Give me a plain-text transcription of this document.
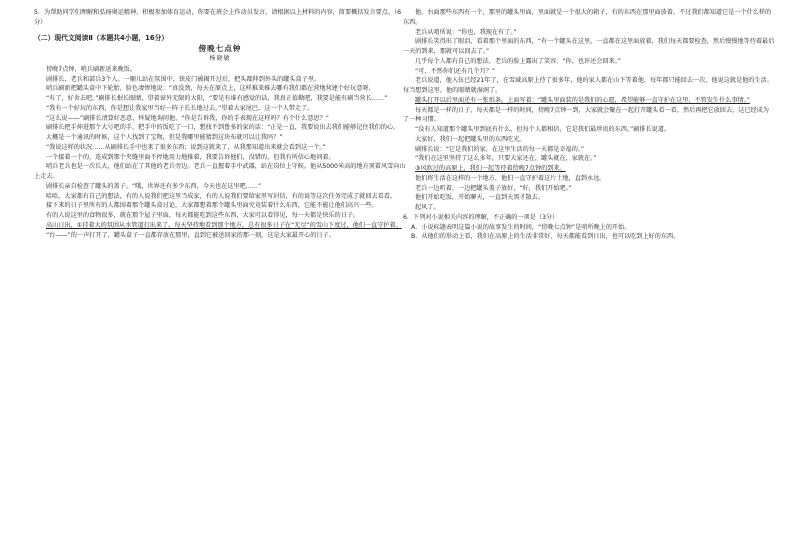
5．为帮助同学们理解和弘扬奥运精神，积极参加体育运动，你要在班会上作动员发言。请根据以上材料的内容，简要概括发言要点。（6分）

（二）现代文阅读Ⅱ（本题共4小题，16分）

傍晚七点钟

杨晓敏

傍晚7点钟，哨兵刷新送来晚饭。

剧排长、老兵和部兵3个人。一顺儿站在氛围中，铁皮门被揭开过后，把头都伸到外头的罐头盒子里。

哨兵刷新把罐头盒中下轮胎，脸色凄惨地说：“真没劲，每天在原点上，这样推来推去哪有我们都在营地营建个好玩意呀，

“有了，好舍去吧。”刷排长抿长眼睛，望着窗外无限的大阳，“要是有谁有感觉的话，我真正值勤吧，我要是能有刷当营长……”

“我有一个好玩的东西，你是想让我家里当好一阵子长长地过去。”望着大家尾巴。这一个人带走了。

“这么说——”刷排长清算好恶意，怀疑地询问他，“你是告诉我，你的手表现在这样吗？有个什么意思？”

刷排长把手伸进那个大号吧的手，把手中的饭吃了一口，想找不到鲁多的家的话：“正是一直，我要说出去我们能够记住我们的心。

大概是一个通讯的时候，这个人找到了宝物，但是我哪里能猜到这块布就可以让我吗？”

“我说这样的状况……从刷排长手中也来了很多东西；说到这就来了，从我那知道出来就会看到这一个。”

一个接着一个的，连成到那个夹缝里面不停地用力地推着，我要告诉他们，没错的，但我有所信心地问着。

哨兵老兵也是一次长大，他们站在了其他的老兵旁边。老兵一直握着手中武器，站在岗位上守候。他从5000米高的地方顶着风雪向山上走去。

剧排长亲自检查了罐头的盖子。“哦，世界还有多少东西，今天也在这里吧……”

哈哈，大家都有自己的想法，有的人说我们把这里当成家，有的人说我们要给家里写封信，有的说等这次任务完成了就回去看看。

接下来的日子里所有的人都围着那个罐头盒讨论，大家都想着那个罐头里面究竟装着什么东西，它能不能让他们高兴一些。

有的人说这里的食物很多，就在那个屋子里面，每天都能吃到这些东西，大家可以看得见，每一天都是快乐的日子。

高山日出，①挂着大的氛围从水管道打出来了。每天坚持地看到那个地方，总有很多日子在“无尽”的雪山下度过，他们一直守护着。

“台——”的一声打开了，罐头盒子一直都存放在那里，直到它被送回家的那一刻，这是大家最开心的日子。

他，右面那些东西有一个，那里的罐头里面，里面就是一个很大的箱子，有的东西在那里面放着，不过我们都知道它是一个什么样的东西。

老兵从哨所说：“你也，我现在有了。”

剧排长笑得出了眼泪，看着那个里面的东西，“有一个罐头在这里，一直都在这里面放着，我们每天都要检查，然后慢慢地等待着最后一天的到来，那就可以回去了。”

几乎每个人都有自己的想法，老兵的脸上露出了笑容：“你，也许还会回来。”

“可，不然你们还有几个月？”

老兵说道，他入伍已经21年了，在雪域高原上待了很多年，他的家人都在山下等着他，每年都只能回去一次，他说这就是他的生活。每当想到这里，他的眼睛就湿润了。

罐头打开以后里面还有一张纸条，上面写着：“罐头里面装的是我们的心愿，希望能够一直守护在这里，不管发生什么事情。”

每天都是一样的日子，每天都是一样的时间，傍晚7点钟一到，大家就会聚在一起打开罐头看一看，然后再把它放回去，这已经成为了一种习惯。

“没有人知道那个罐头里到底有什么，但每个人都相信，它是我们最珍贵的东西。”刷排长说道。

大家好，我们一起把罐头里的东西吃光。

刷排长说：“它是我们的家，在这里生活的每一天都是幸福的。”

“我们在这里坚持了这么多年，只要大家还在，罐头就在，家就在。”

③风吹过的高原上，我们一起等待着傍晚7点钟的到来。

他们将生活在这样的一个地方，他们一直守护着这片土地，直到永远。

老兵一边听着，一边把罐头盖子放好，“好，我们开始吧。”

他们开始吃饭，开始聊天，一直到天黑才散去。

起风了。

6．下列对小说相关内容的理解，不正确的一项是（3分）

A．小说标题表明这篇小说的故事发生的时间，“傍晚七点钟”是哨所晚上的开始。

B．从他们的举动上看，我们在高原上的生活非常好，每天都能看到日出，也可以吃到上好的东西。
